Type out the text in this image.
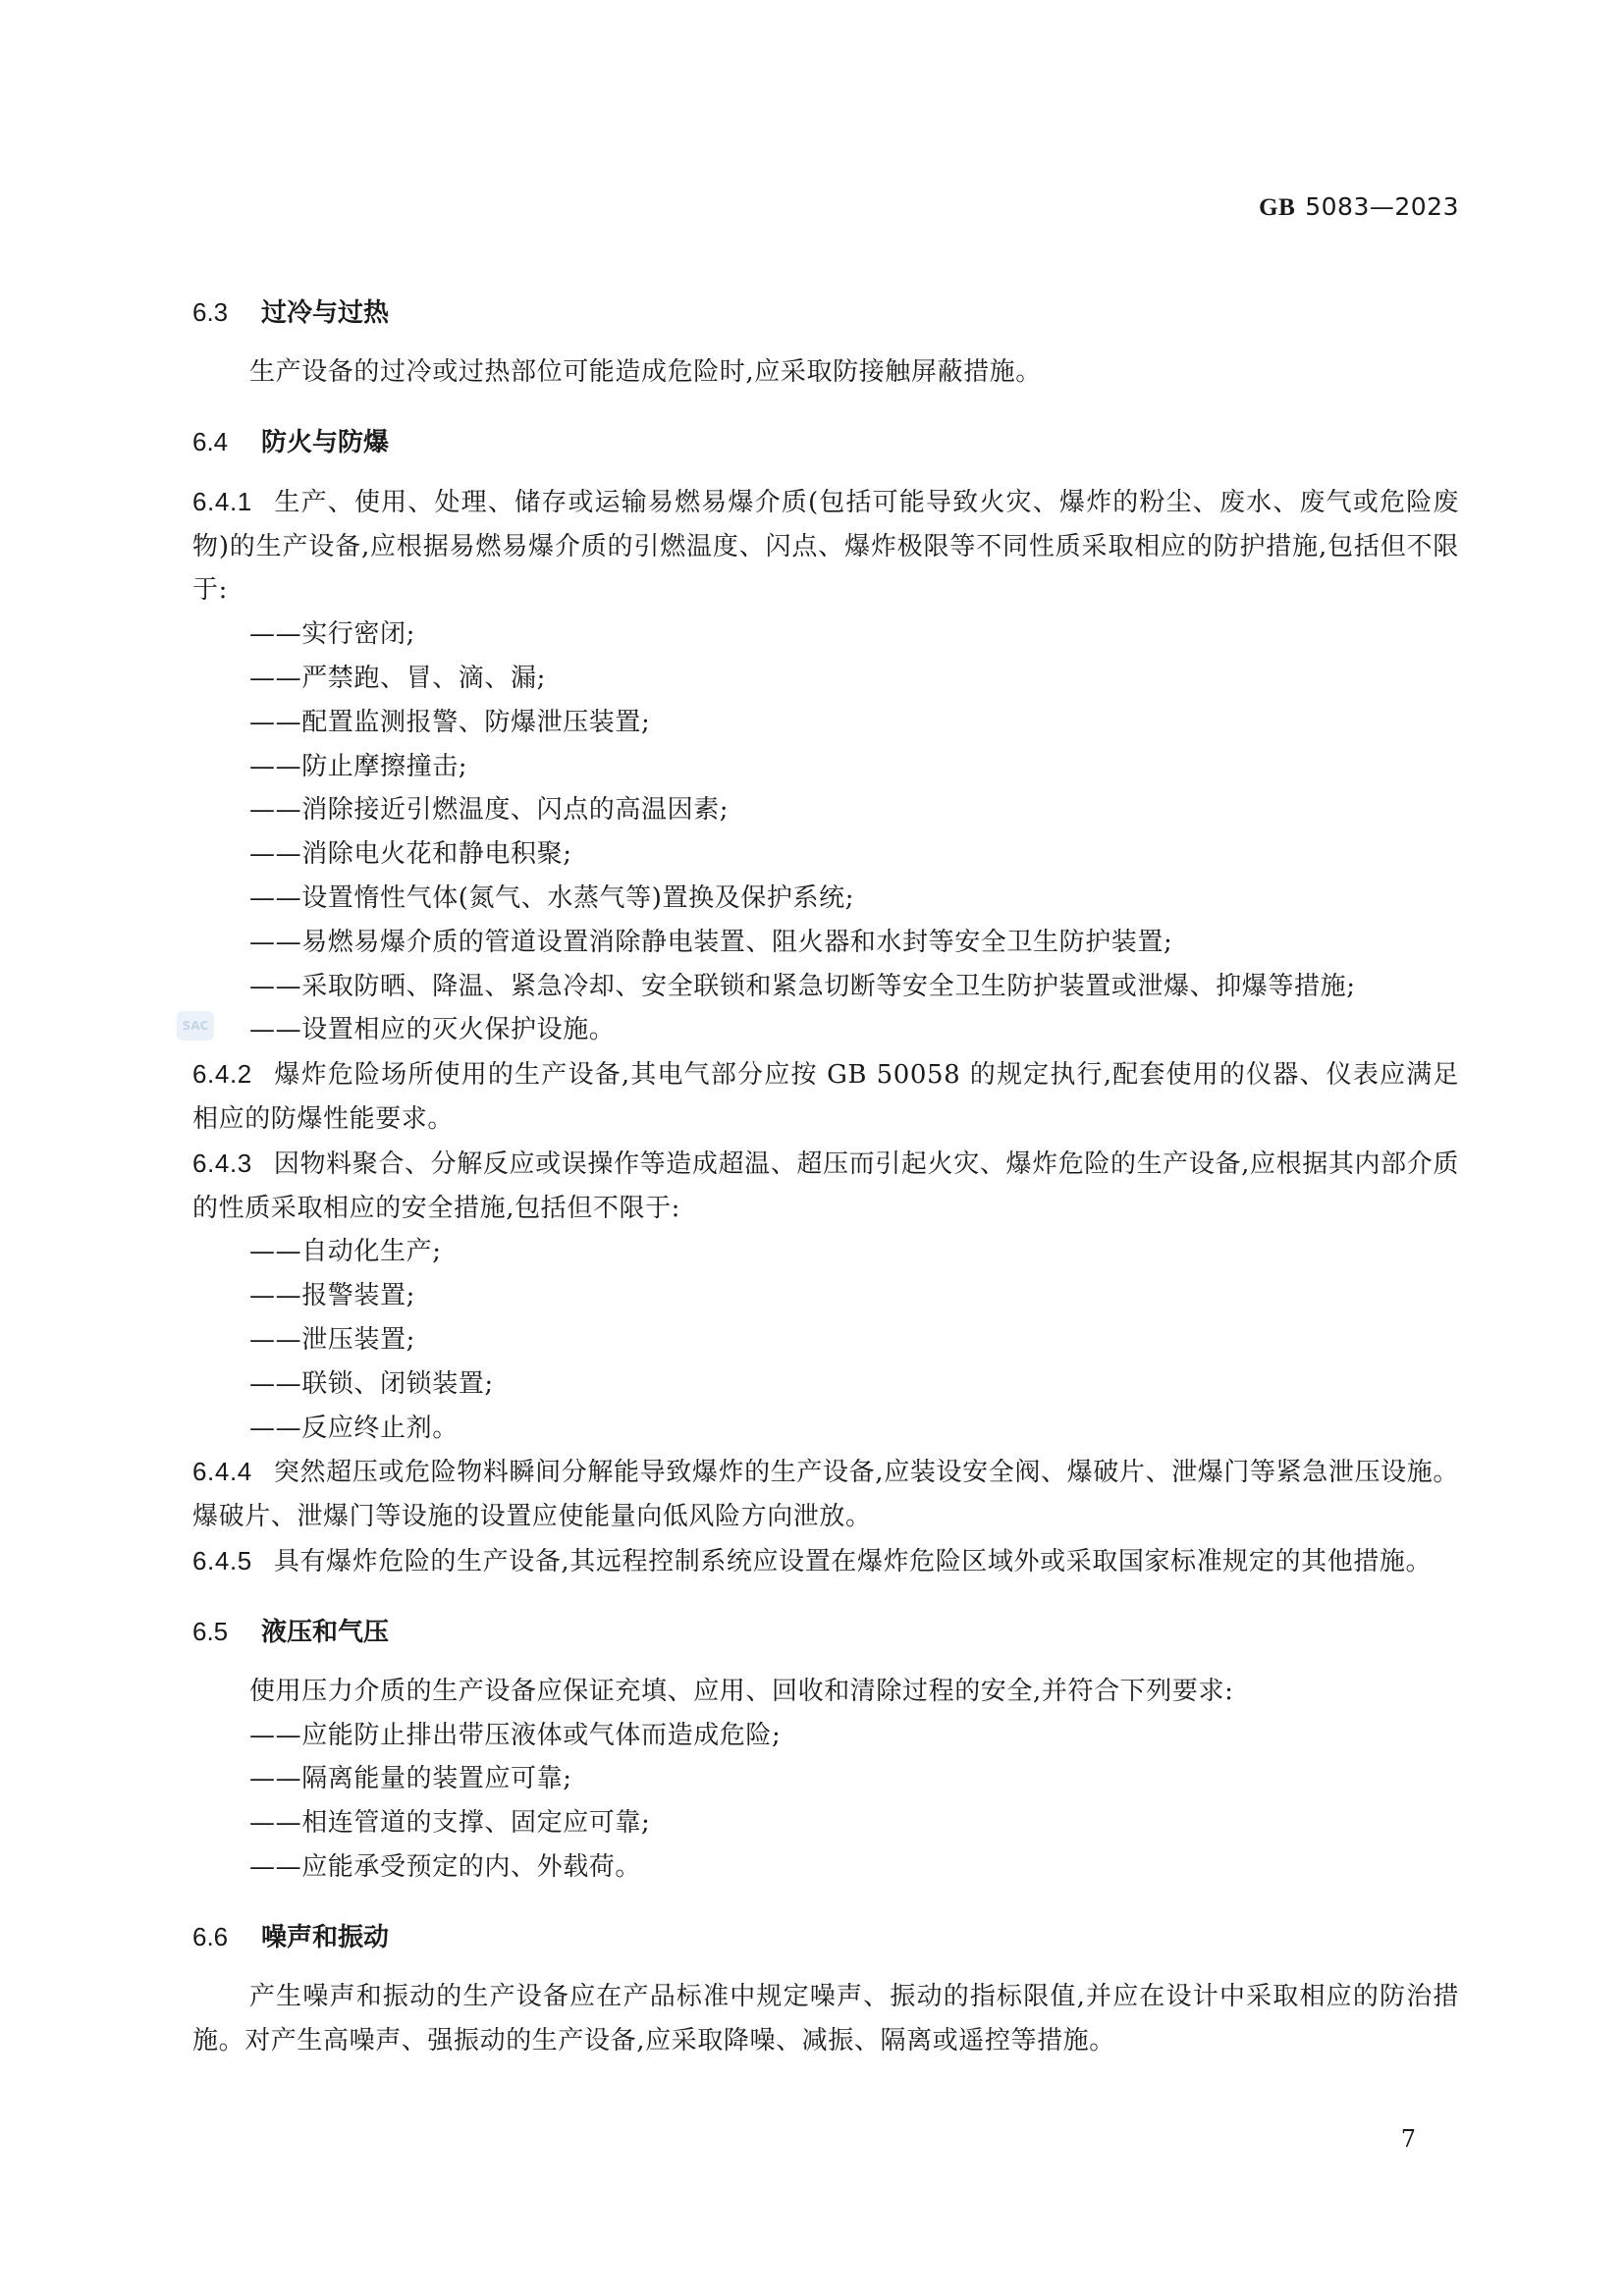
GB 5083—2023
6.3 过冷与过热

生产设备的过冷或过热部位可能造成危险时,应采取防接触屏蔽措施。

6.4 防火与防爆

6.4.1 生产、使用、处理、储存或运输易燃易爆介质(包括可能导致火灾、爆炸的粉尘、废水、废气或危险废物)的生产设备,应根据易燃易爆介质的引燃温度、闪点、爆炸极限等不同性质采取相应的防护措施,包括但不限于:

——实行密闭;
——严禁跑、冒、滴、漏;
——配置监测报警、防爆泄压装置;
——防止摩擦撞击;
——消除接近引燃温度、闪点的高温因素;
——消除电火花和静电积聚;
——设置惰性气体(氮气、水蒸气等)置换及保护系统;
——易燃易爆介质的管道设置消除静电装置、阻火器和水封等安全卫生防护装置;
——采取防晒、降温、紧急冷却、安全联锁和紧急切断等安全卫生防护装置或泄爆、抑爆等措施;
——设置相应的灭火保护设施。

6.4.2 爆炸危险场所使用的生产设备,其电气部分应按 GB 50058 的规定执行,配套使用的仪器、仪表应满足相应的防爆性能要求。

6.4.3 因物料聚合、分解反应或误操作等造成超温、超压而引起火灾、爆炸危险的生产设备,应根据其内部介质的性质采取相应的安全措施,包括但不限于:

——自动化生产;
——报警装置;
——泄压装置;
——联锁、闭锁装置;
——反应终止剂。

6.4.4 突然超压或危险物料瞬间分解能导致爆炸的生产设备,应装设安全阀、爆破片、泄爆门等紧急泄压设施。爆破片、泄爆门等设施的设置应使能量向低风险方向泄放。

6.4.5 具有爆炸危险的生产设备,其远程控制系统应设置在爆炸危险区域外或采取国家标准规定的其他措施。

6.5 液压和气压

使用压力介质的生产设备应保证充填、应用、回收和清除过程的安全,并符合下列要求:

——应能防止排出带压液体或气体而造成危险;
——隔离能量的装置应可靠;
——相连管道的支撑、固定应可靠;
——应能承受预定的内、外载荷。
6.6 噪声和振动

产生噪声和振动的生产设备应在产品标准中规定噪声、振动的指标限值,并应在设计中采取相应的防治措施。对产生高噪声、强振动的生产设备,应采取降噪、减振、隔离或遥控等措施。

SAC
7
